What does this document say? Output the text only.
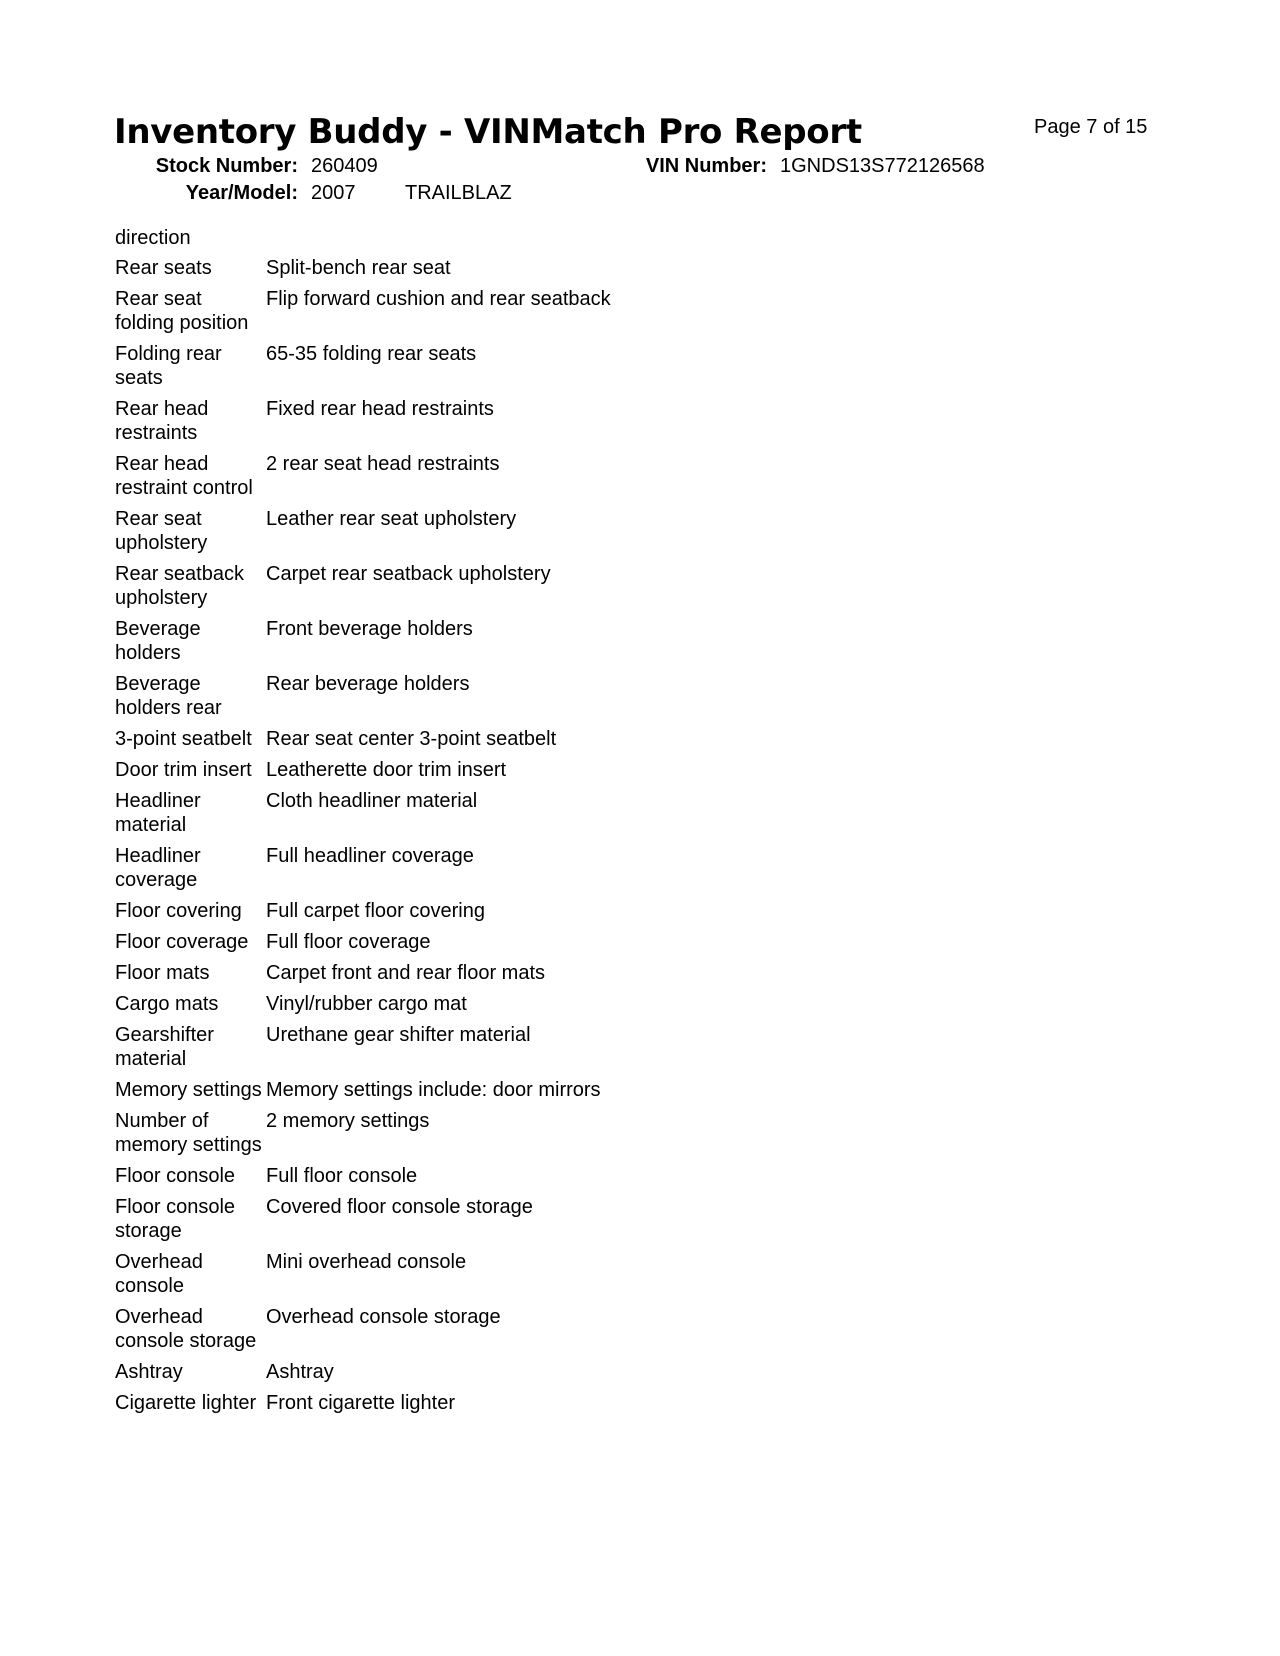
Inventory Buddy - VINMatch Pro Report	Page 7 of 15
Stock Number: 260409	VIN Number: 1GNDS13S772126568
Year/Model: 2007 TRAILBLAZ
direction	
Rear seats	Split-bench rear seat
Rear seat folding position	Flip forward cushion and rear seatback
Folding rear seats	65-35 folding rear seats
Rear head restraints	Fixed rear head restraints
Rear head restraint control	2 rear seat head restraints
Rear seat upholstery	Leather rear seat upholstery
Rear seatback upholstery	Carpet rear seatback upholstery
Beverage holders	Front beverage holders
Beverage holders rear	Rear beverage holders
3-point seatbelt	Rear seat center 3-point seatbelt
Door trim insert	Leatherette door trim insert
Headliner material	Cloth headliner material
Headliner coverage	Full headliner coverage
Floor covering	Full carpet floor covering
Floor coverage	Full floor coverage
Floor mats	Carpet front and rear floor mats
Cargo mats	Vinyl/rubber cargo mat
Gearshifter material	Urethane gear shifter material
Memory settings	Memory settings include: door mirrors
Number of memory settings	2 memory settings
Floor console	Full floor console
Floor console storage	Covered floor console storage
Overhead console	Mini overhead console
Overhead console storage	Overhead console storage
Ashtray	Ashtray
Cigarette lighter	Front cigarette lighter
